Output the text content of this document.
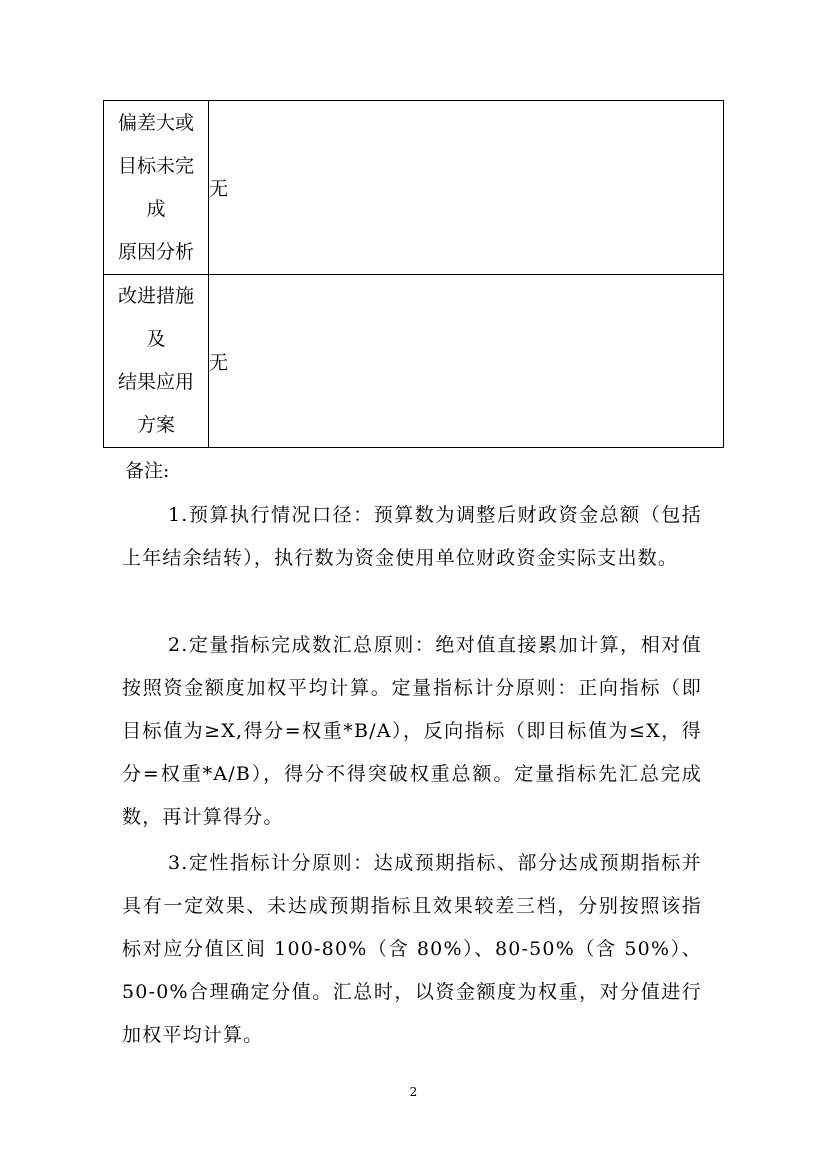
偏差大或
目标未完
成
原因分析	无

改进措施
及
结果应用
方案	无
备注:
1.预算执行情况口径：预算数为调整后财政资金总额（包括上年结余结转），执行数为资金使用单位财政资金实际支出数。
2.定量指标完成数汇总原则：绝对值直接累加计算，相对值按照资金额度加权平均计算。定量指标计分原则：正向指标（即目标值为≥X,得分=权重*B/A），反向指标（即目标值为≤X，得分=权重*A/B），得分不得突破权重总额。定量指标先汇总完成数，再计算得分。
3.定性指标计分原则：达成预期指标、部分达成预期指标并具有一定效果、未达成预期指标且效果较差三档，分别按照该指标对应分值区间 100-80%（含 80%）、80-50%（含 50%）、50-0%合理确定分值。汇总时，以资金额度为权重，对分值进行加权平均计算。
2
